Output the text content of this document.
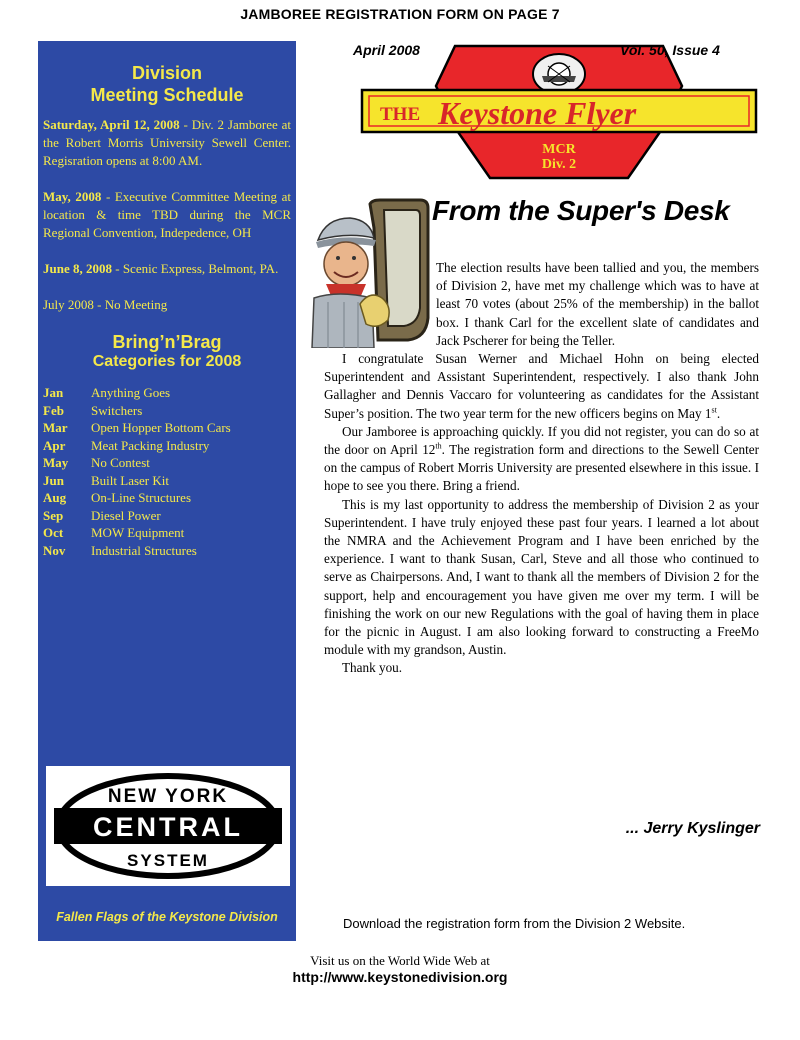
JAMBOREE REGISTRATION FORM ON PAGE 7
Division
Meeting Schedule

Saturday, April 12, 2008 - Div. 2 Jamboree at the Robert Morris University Sewell Center. Regisration opens at 8:00 AM.

May, 2008 - Executive Committee Meeting at location & time TBD during the MCR Regional Convention, Indepedence, OH

June 8, 2008 - Scenic Express, Belmont, PA.

July 2008 - No Meeting

Bring’n’Brag
Categories for 2008
Jan	Anything Goes
Feb	Switchers
Mar	Open Hopper Bottom Cars
Apr	Meat Packing Industry
May	No Contest
Jun	Built Laser Kit
Aug	On-Line Structures
Sep	Diesel Power
Oct	MOW Equipment
Nov	Industrial Structures
NEW YORK
CENTRAL
SYSTEM
Fallen Flags of the Keystone Division
THE Keystone Flyer
MCR
Div. 2
April 2008	Vol. 50, Issue 4
From the Super's Desk

The election results have been tallied and you, the members of Division 2, have met my challenge which was to have at least 70 votes (about 25% of the membership) in the ballot box. I thank Carl for the excellent slate of candidates and Jack Pscherer for being the Teller.

I congratulate Susan Werner and Michael Hohn on being elected Superintendent and Assistant Superintendent, respectively. I also thank John Gallagher and Dennis Vaccaro for volunteering as candidates for the Assistant Super’s position. The two year term for the new officers begins on May 1st.

Our Jamboree is approaching quickly. If you did not register, you can do so at the door on April 12th. The registration form and directions to the Sewell Center on the campus of Robert Morris University are presented elsewhere in this issue. I hope to see you there. Bring a friend.

This is my last opportunity to address the membership of Division 2 as your Superintendent. I have truly enjoyed these past four years. I learned a lot about the NMRA and the Achievement Program and I have been enriched by the experience. I want to thank Susan, Carl, Steve and all those who continued to serve as Chairpersons. And, I want to thank all the members of Division 2 for the support, help and encouragement you have given me over my term. I will be finishing the work on our new Regulations with the goal of having them in place for the picnic in August. I am also looking forward to constructing a FreeMo module with my grandson, Austin.

Thank you.

... Jerry Kyslinger
Download the registration form from the Division 2 Website.
Visit us on the World Wide Web at
http://www.keystonedivision.org
